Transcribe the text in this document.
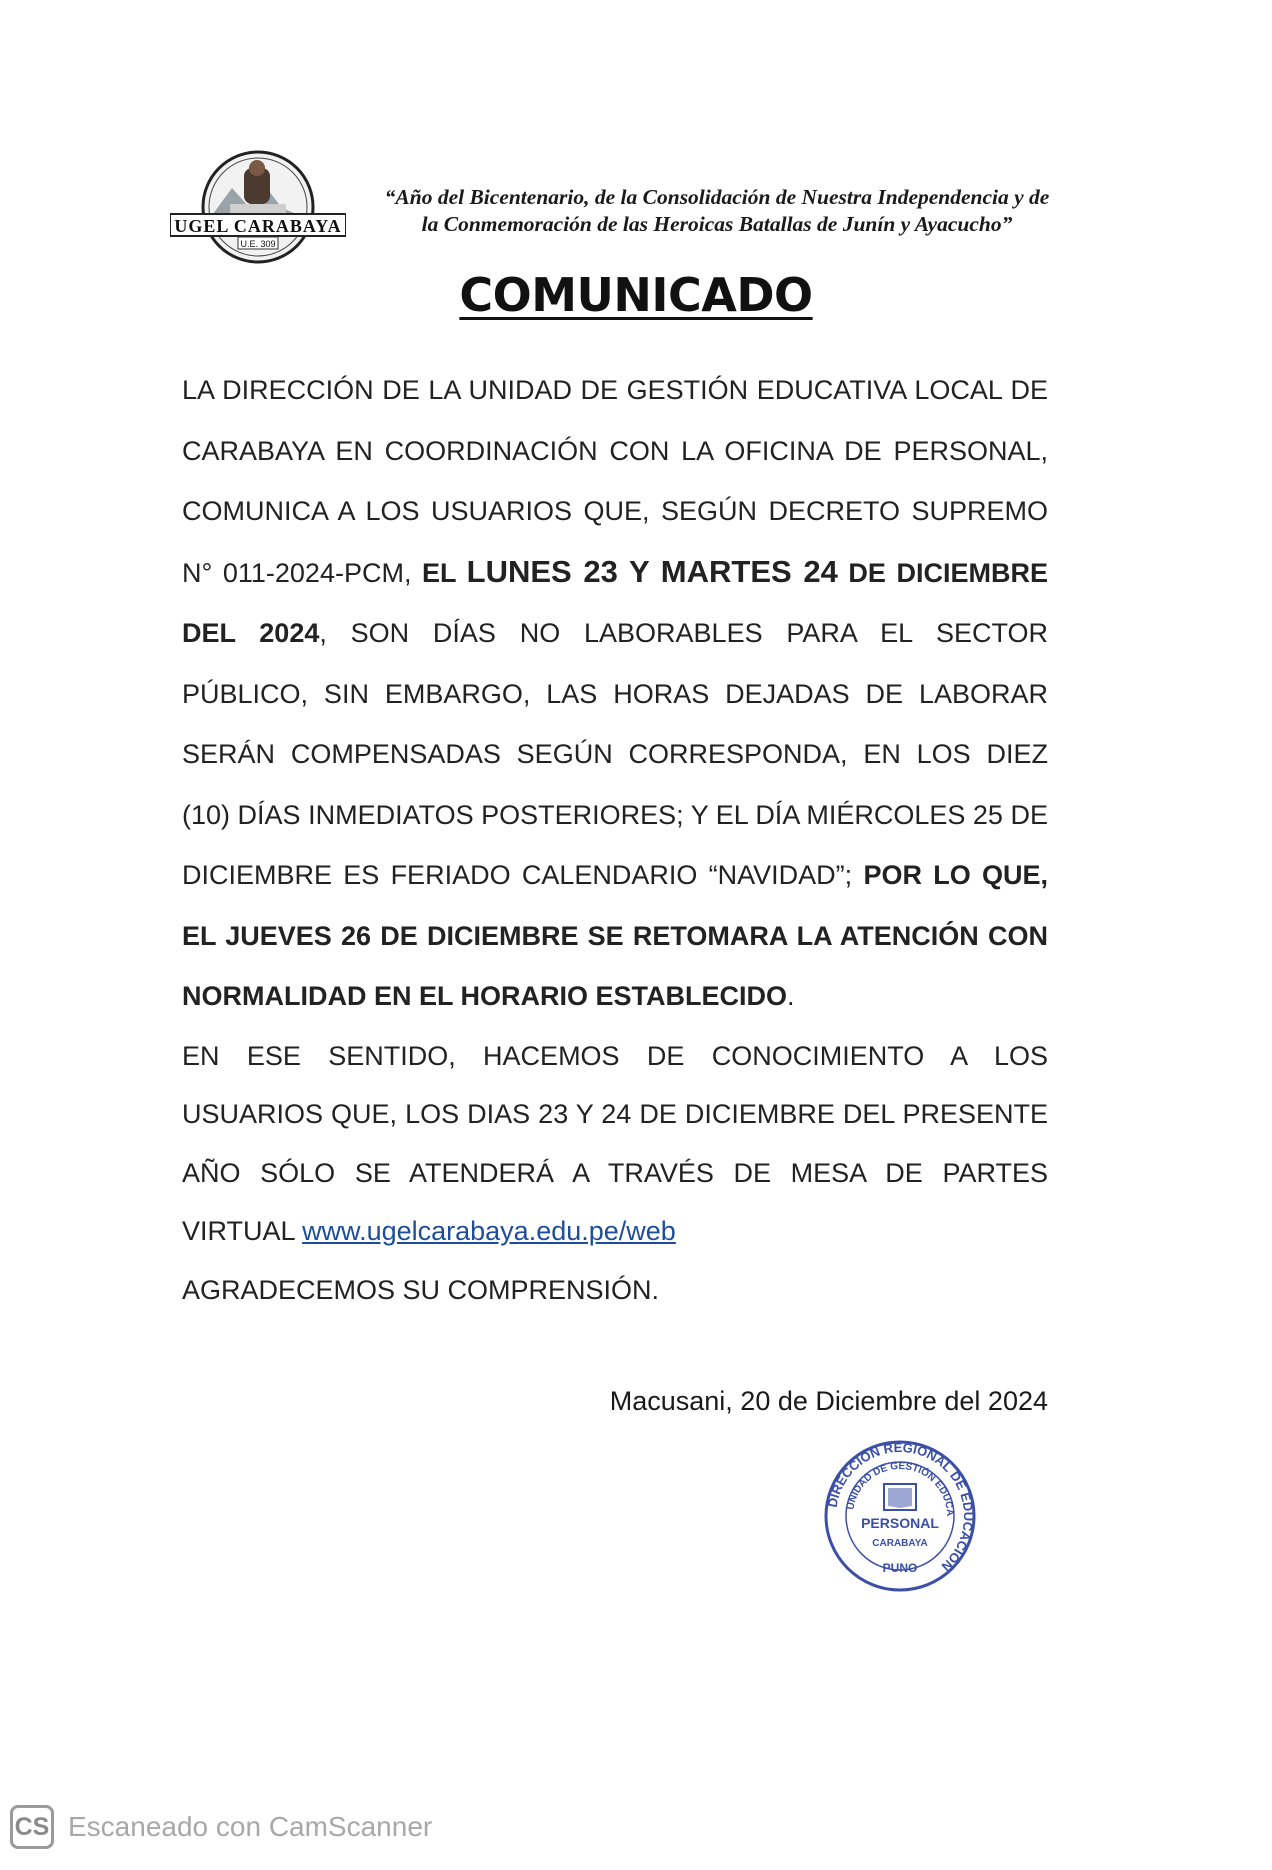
UGEL CARABAYA
U.E. 309
“Año del Bicentenario, de la Consolidación de Nuestra Independencia y de
la Conmemoración de las Heroicas Batallas de Junín y Ayacucho”
COMUNICADO
LA DIRECCIÓN DE LA UNIDAD DE GESTIÓN EDUCATIVA LOCAL DE CARABAYA EN COORDINACIÓN CON LA OFICINA DE PERSONAL, COMUNICA A LOS USUARIOS QUE, SEGÚN DECRETO SUPREMO N° 011-2024-PCM, EL LUNES 23 Y MARTES 24 DE DICIEMBRE DEL 2024, SON DÍAS NO LABORABLES PARA EL SECTOR PÚBLICO, SIN EMBARGO, LAS HORAS DEJADAS DE LABORAR SERÁN COMPENSADAS SEGÚN CORRESPONDA, EN LOS DIEZ (10) DÍAS INMEDIATOS POSTERIORES; Y EL DÍA MIÉRCOLES 25 DE DICIEMBRE ES FERIADO CALENDARIO “NAVIDAD”; POR LO QUE, EL JUEVES 26 DE DICIEMBRE SE RETOMARA LA ATENCIÓN CON NORMALIDAD EN EL HORARIO ESTABLECIDO.
EN ESE SENTIDO, HACEMOS DE CONOCIMIENTO A LOS USUARIOS QUE, LOS DIAS 23 Y 24 DE DICIEMBRE DEL PRESENTE AÑO SÓLO SE ATENDERÁ A TRAVÉS DE MESA DE PARTES VIRTUAL www.ugelcarabaya.edu.pe/web
AGRADECEMOS SU COMPRENSIÓN.
Macusani, 20 de Diciembre del 2024
DIRECCIÓN REGIONAL DE EDUCACIÓN
UNIDAD DE GESTIÓN EDUCA
PERSONAL
CARABAYA
PUNO
CS Escaneado con CamScanner
